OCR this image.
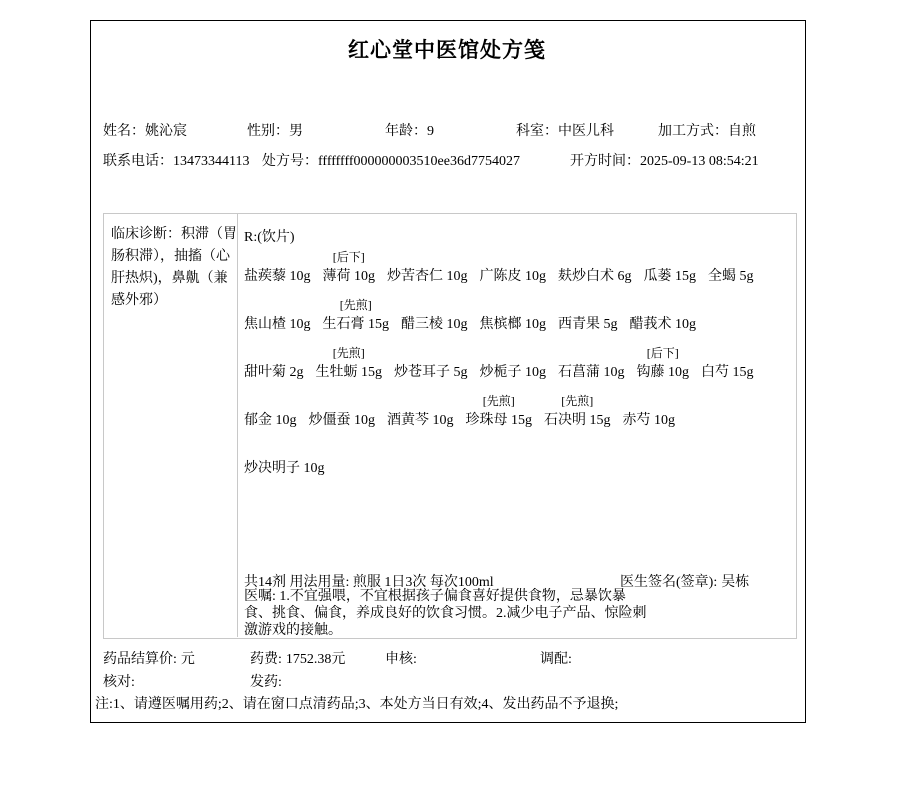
红心堂中医馆处方笺
姓名：姚沁宸	性别：男	年龄：9	科室：中医儿科	加工方式：自煎
联系电话：13473344113 处方号：ffffffff000000003510ee36d7754027	开方时间：2025-09-13 08:54:21
临床诊断：积滞（胃肠积滞），抽搐（心肝热炽)，鼻鼽（兼感外邪）
R:(饮片)
盐蒺藜 10g
[后下]
薄荷 10g 炒苦杏仁 10g 广陈皮 10g 麸炒白术 6g 瓜蒌 15g 全蝎 5g
焦山楂 10g
[先煎]
生石膏 15g 醋三棱 10g 焦槟榔 10g 西青果 5g 醋莪术 10g
甜叶菊 2g
[先煎]
生牡蛎 15g 炒苍耳子 5g 炒栀子 10g 石菖蒲 10g
[后下]
钩藤 10g 白芍 15g
郁金 10g 炒僵蚕 10g 酒黄芩 10g
[先煎]
珍珠母 15g
[先煎]
石决明 15g 赤芍 10g
炒决明子 10g
共14剂 用法用量: 煎服 1日3次 每次100ml	医生签名(签章): 吴栋
医嘱: 1.不宜强喂，不宜根据孩子偏食喜好提供食物，忌暴饮暴
食、挑食、偏食，养成良好的饮食习惯。2.减少电子产品、惊险刺
激游戏的接触。
药品结算价: 元	药费: 1752.38元	申核:	调配:
核对:	发药:
注:1、请遵医嘱用药;2、请在窗口点清药品;3、本处方当日有效;4、发出药品不予退换;
